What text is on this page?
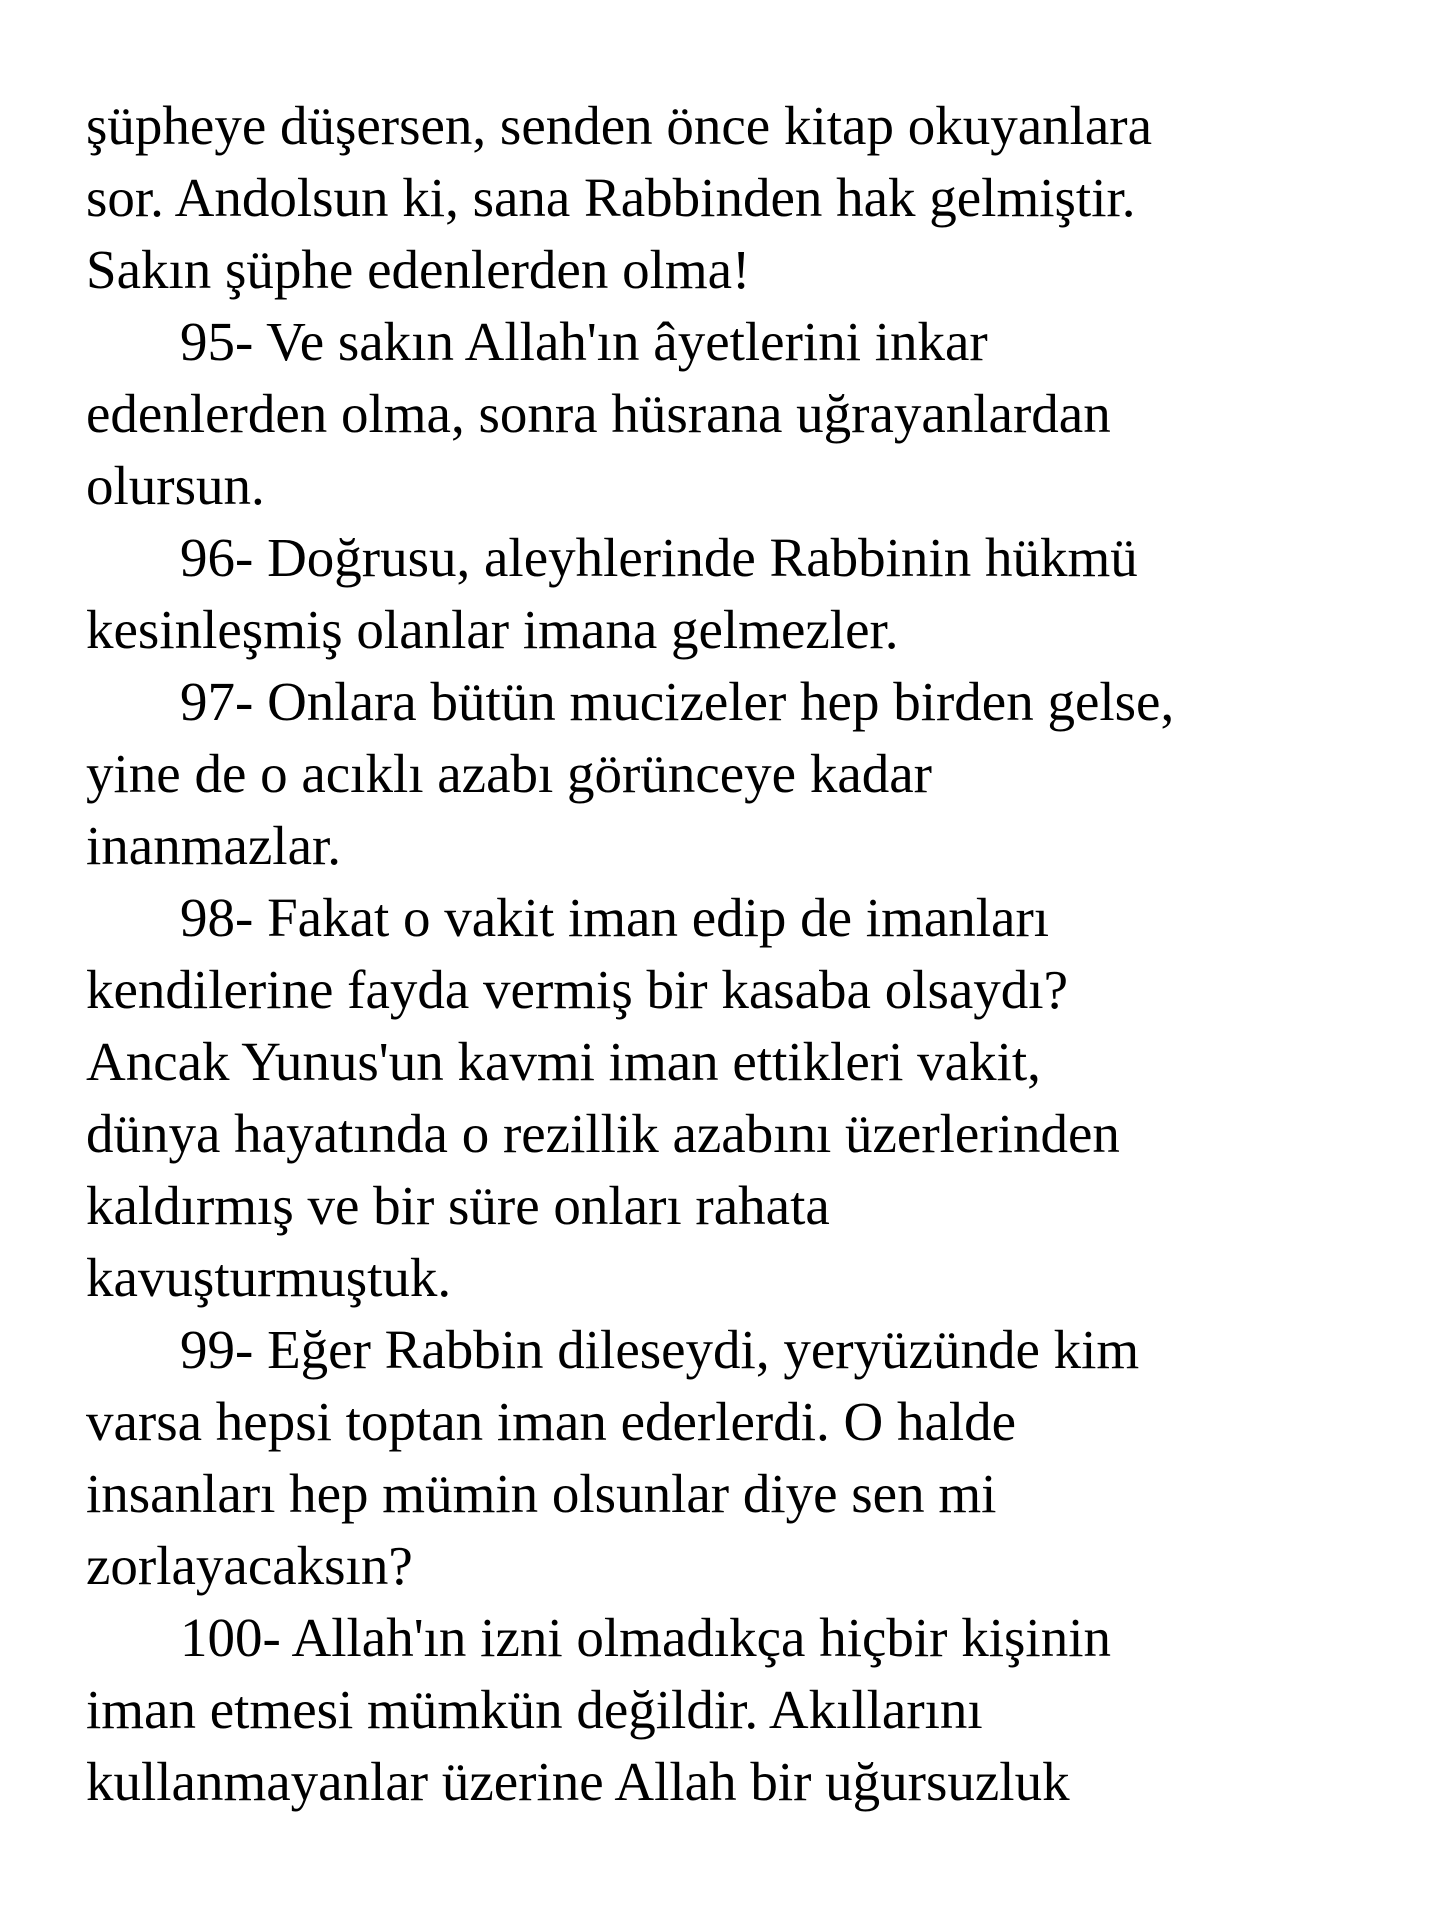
şüpheye düşersen, senden önce kitap okuyanlara
sor. Andolsun ki, sana Rabbinden hak gelmiştir.
Sakın şüphe edenlerden olma!
95- Ve sakın Allah'ın âyetlerini inkar
edenlerden olma, sonra hüsrana uğrayanlardan
olursun.
96- Doğrusu, aleyhlerinde Rabbinin hükmü
kesinleşmiş olanlar imana gelmezler.
97- Onlara bütün mucizeler hep birden gelse,
yine de o acıklı azabı görünceye kadar
inanmazlar.
98- Fakat o vakit iman edip de imanları
kendilerine fayda vermiş bir kasaba olsaydı?
Ancak Yunus'un kavmi iman ettikleri vakit,
dünya hayatında o rezillik azabını üzerlerinden
kaldırmış ve bir süre onları rahata
kavuşturmuştuk.
99- Eğer Rabbin dileseydi, yeryüzünde kim
varsa hepsi toptan iman ederlerdi. O halde
insanları hep mümin olsunlar diye sen mi
zorlayacaksın?
100- Allah'ın izni olmadıkça hiçbir kişinin
iman etmesi mümkün değildir. Akıllarını
kullanmayanlar üzerine Allah bir uğursuzluk
